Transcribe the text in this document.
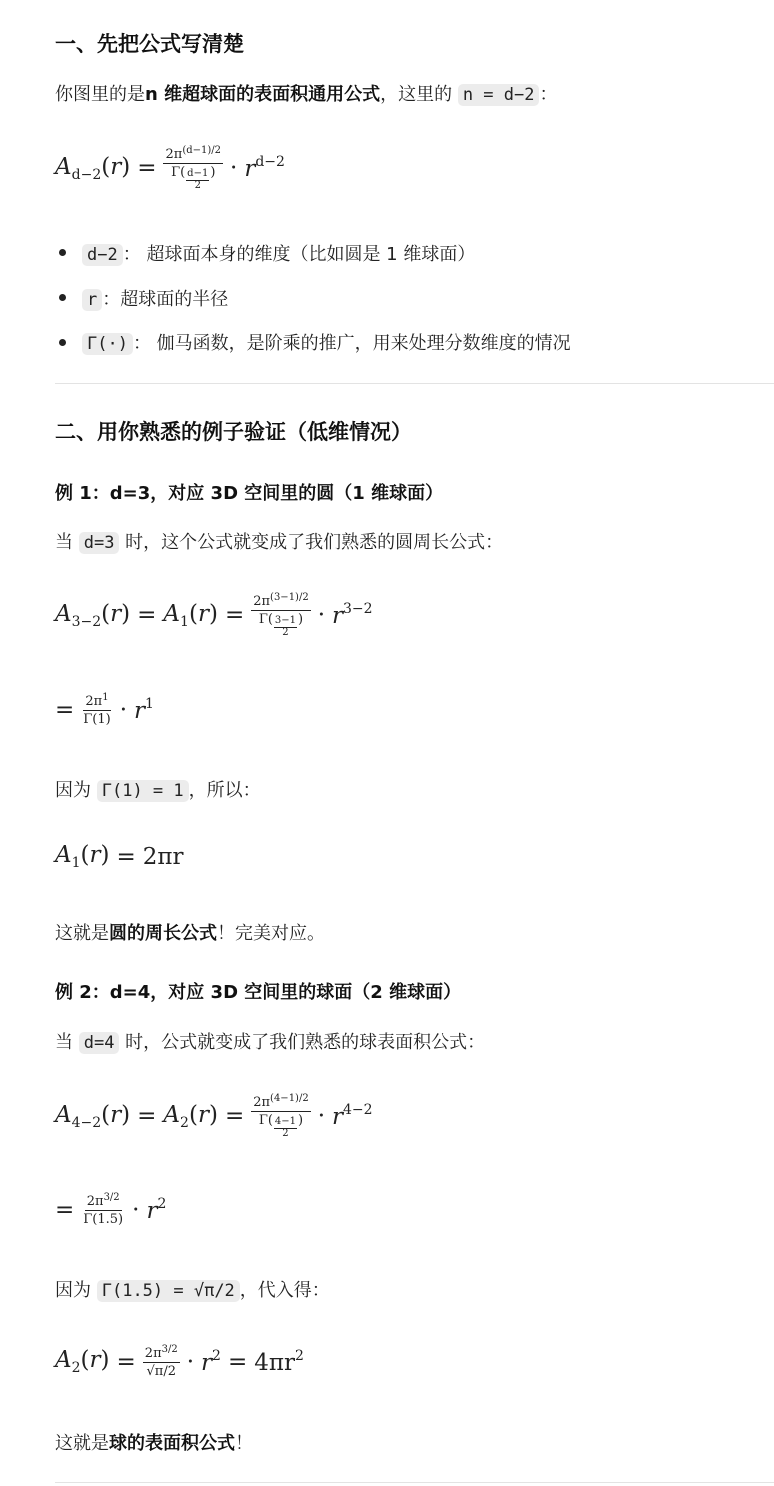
一、先把公式写清楚
你图里的是n 维超球面的表面积通用公式，这里的 n = d−2 ：
$A_{d-2}(r) = \frac{2\pi^{(d-1)/2}}{\Gamma( \frac{d-1}{2} )} \cdot r^{d-2}$
d−2 ： 超球面本身的维度（比如圆是 1 维球面）
r ：超球面的半径
Γ(·) ： 伽马函数，是阶乘的推广，用来处理分数维度的情况
二、用你熟悉的例子验证（低维情况）
例 1：d=3，对应 3D 空间里的圆（1 维球面）
当 d=3 时，这个公式就变成了我们熟悉的圆周长公式：
$A_{3-2}(r) = A_1(r) = \frac{2\pi^{(3-1)/2}}{\Gamma( \frac{3-1}{2} )} \cdot r^{3-2}$
= $\frac{2\pi^1}{\Gamma(1)} \cdot r^1$
因为 Γ(1) = 1 ，所以：
$A_1(r) = 2\pi r$
这就是圆的周长公式！完美对应。
例 2：d=4，对应 3D 空间里的球面（2 维球面）
当 d=4 时，公式就变成了我们熟悉的球表面积公式：
$A_{4-2}(r) = A_2(r) = \frac{2\pi^{(4-1)/2}}{\Gamma( \frac{4-1}{2} )} \cdot r^{4-2}$
= $\frac{2\pi^{3/2}}{\Gamma(1.5)} \cdot r^2$
因为 Γ(1.5) = √π/2 ，代入得：
$A_2(r) = \frac{2\pi^{3/2}}{√\pi/2} \cdot r^2 = 4\pi r^2$
这就是球的表面积公式！
